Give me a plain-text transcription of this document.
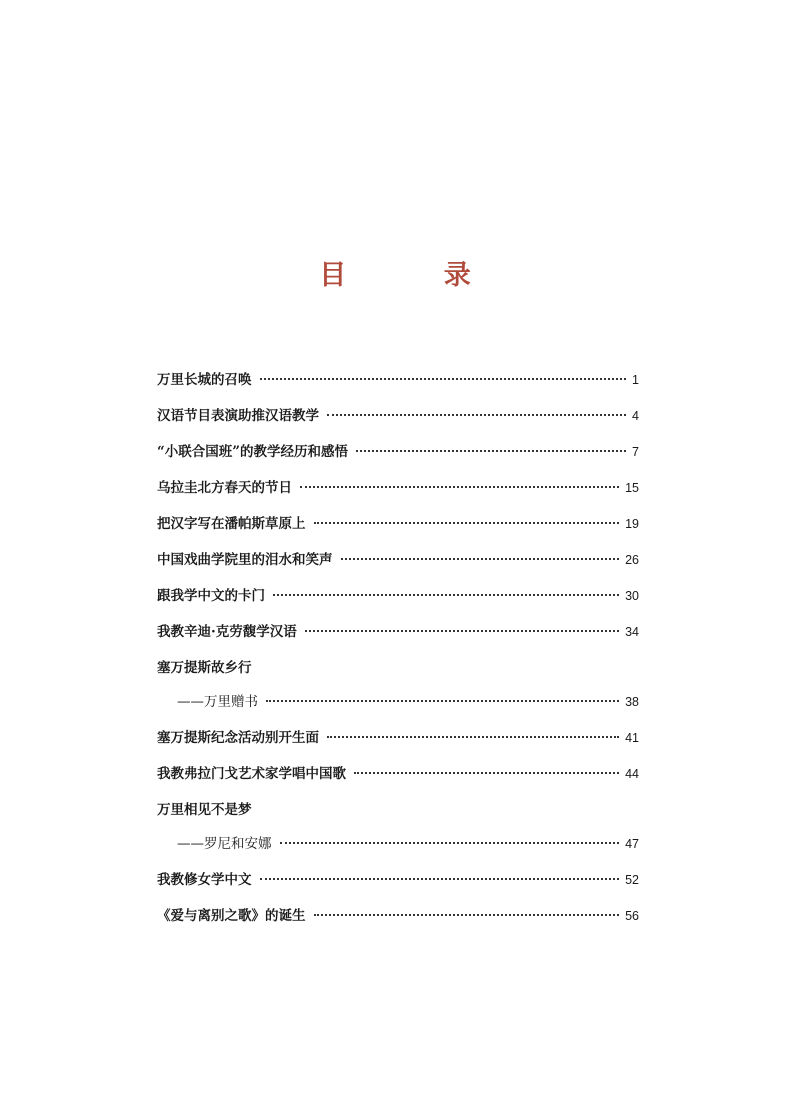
目 录
万里长城的召唤	1
汉语节目表演助推汉语教学	4
“小联合国班”的教学经历和感悟	7
乌拉圭北方春天的节日	15
把汉字写在潘帕斯草原上	19
中国戏曲学院里的泪水和笑声	26
跟我学中文的卡门	30
我教辛迪·克劳馥学汉语	34
塞万提斯故乡行
——万里赠书	38
塞万提斯纪念活动别开生面	41
我教弗拉门戈艺术家学唱中国歌	44
万里相见不是梦
——罗尼和安娜	47
我教修女学中文	52
《爱与离别之歌》的诞生	56
